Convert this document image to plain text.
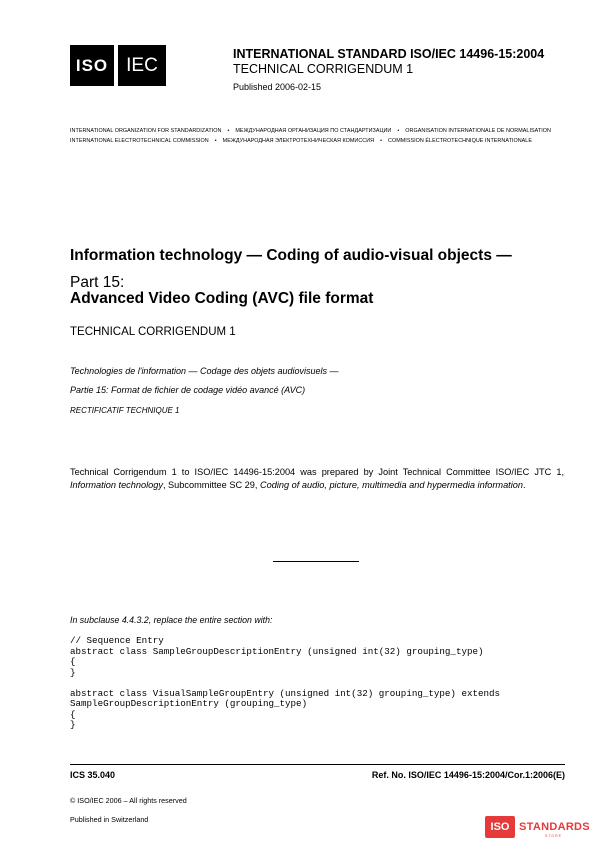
ISO IEC
INTERNATIONAL STANDARD ISO/IEC 14496-15:2004
TECHNICAL CORRIGENDUM 1
Published 2006-02-15
INTERNATIONAL ORGANIZATION FOR STANDARDIZATION • МЕЖДУНАРОДНАЯ ОРГАНИЗАЦИЯ ПО СТАНДАРТИЗАЦИИ • ORGANISATION INTERNATIONALE DE NORMALISATION
INTERNATIONAL ELECTROTECHNICAL COMMISSION • МЕЖДУНАРОДНАЯ ЭЛЕКТРОТЕХНИЧЕСКАЯ КОМИССИЯ • COMMISSION ÉLECTROTECHNIQUE INTERNATIONALE
Information technology — Coding of audio-visual objects —
Part 15:
Advanced Video Coding (AVC) file format
TECHNICAL CORRIGENDUM 1
Technologies de l'information — Codage des objets audiovisuels —
Partie 15: Format de fichier de codage vidéo avancé (AVC)
RECTIFICATIF TECHNIQUE 1
Technical Corrigendum 1 to ISO/IEC 14496-15:2004 was prepared by Joint Technical Committee ISO/IEC JTC 1, Information technology, Subcommittee SC 29, Coding of audio, picture, multimedia and hypermedia information.
In subclause 4.4.3.2, replace the entire section with:
// Sequence Entry
abstract class SampleGroupDescriptionEntry (unsigned int(32) grouping_type)
{
}

abstract class VisualSampleGroupEntry (unsigned int(32) grouping_type) extends
SampleGroupDescriptionEntry (grouping_type)
{
}
ICS 35.040	Ref. No. ISO/IEC 14496-15:2004/Cor.1:2006(E)
© ISO/IEC 2006 – All rights reserved
Published in Switzerland
ISO STANDARDS
STORE
